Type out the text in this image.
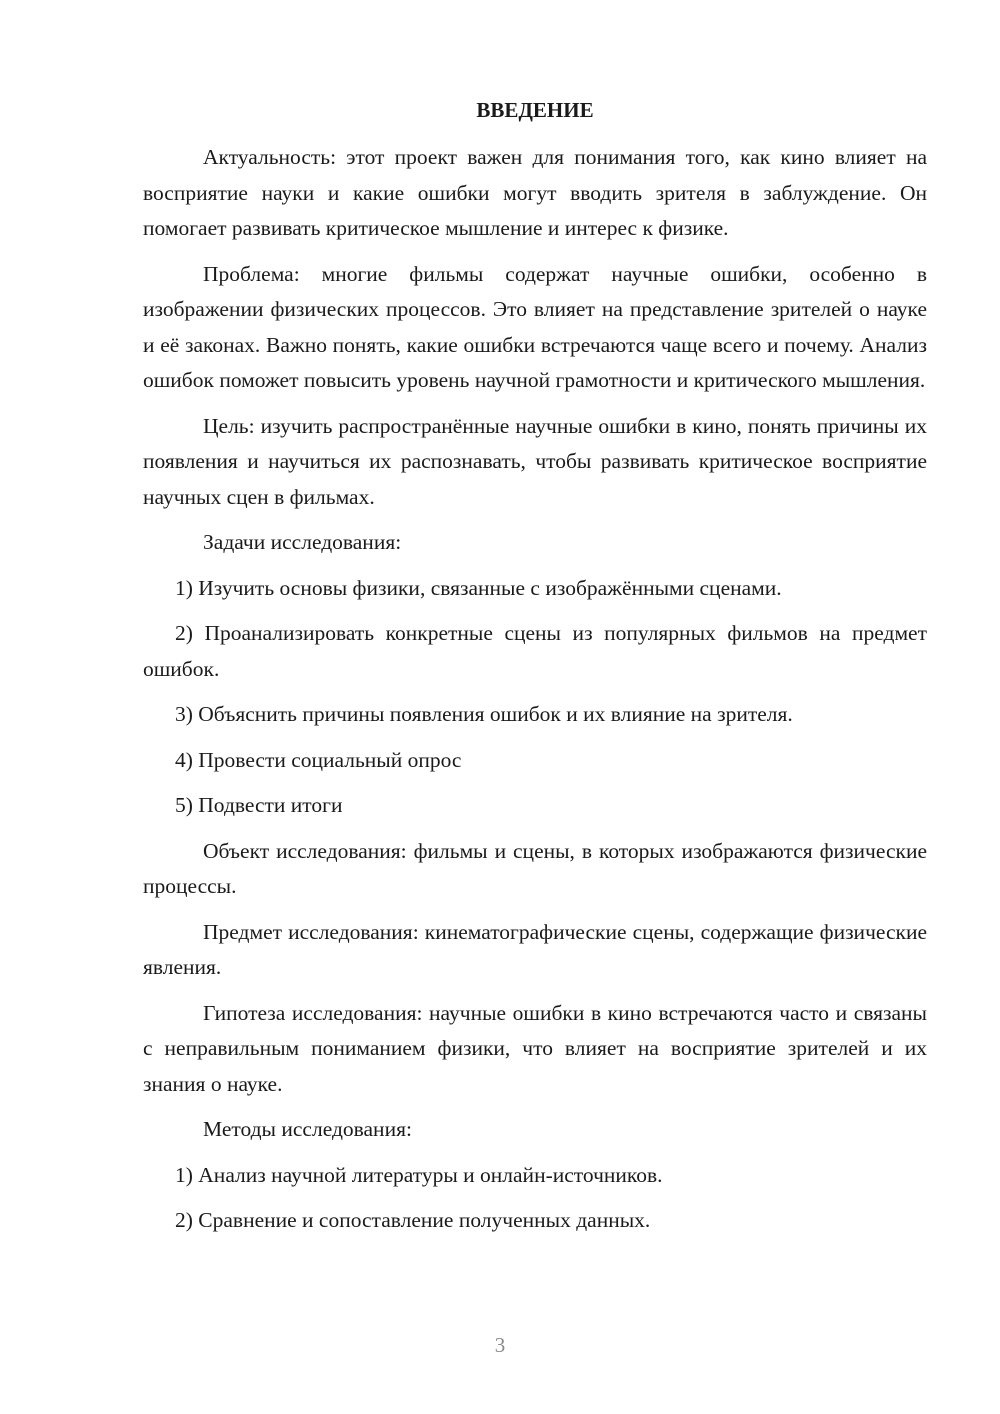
ВВЕДЕНИЕ

Актуальность: этот проект важен для понимания того, как кино влияет на восприятие науки и какие ошибки могут вводить зрителя в заблуждение. Он помогает развивать критическое мышление и интерес к физике.

Проблема: многие фильмы содержат научные ошибки, особенно в изображении физических процессов. Это влияет на представление зрителей о науке и её законах. Важно понять, какие ошибки встречаются чаще всего и почему. Анализ ошибок поможет повысить уровень научной грамотности и критического мышления.

Цель: изучить распространённые научные ошибки в кино, понять причины их появления и научиться их распознавать, чтобы развивать критическое восприятие научных сцен в фильмах.

Задачи исследования:

1) Изучить основы физики, связанные с изображёнными сценами.

2) Проанализировать конкретные сцены из популярных фильмов на предмет ошибок.

3) Объяснить причины появления ошибок и их влияние на зрителя.

4) Провести социальный опрос

5) Подвести итоги

Объект исследования: фильмы и сцены, в которых изображаются физические процессы.

Предмет исследования: кинематографические сцены, содержащие физические явления.

Гипотеза исследования: научные ошибки в кино встречаются часто и связаны с неправильным пониманием физики, что влияет на восприятие зрителей и их знания о науке.

Методы исследования:

1) Анализ научной литературы и онлайн-источников.

2) Сравнение и сопоставление полученных данных.

3
